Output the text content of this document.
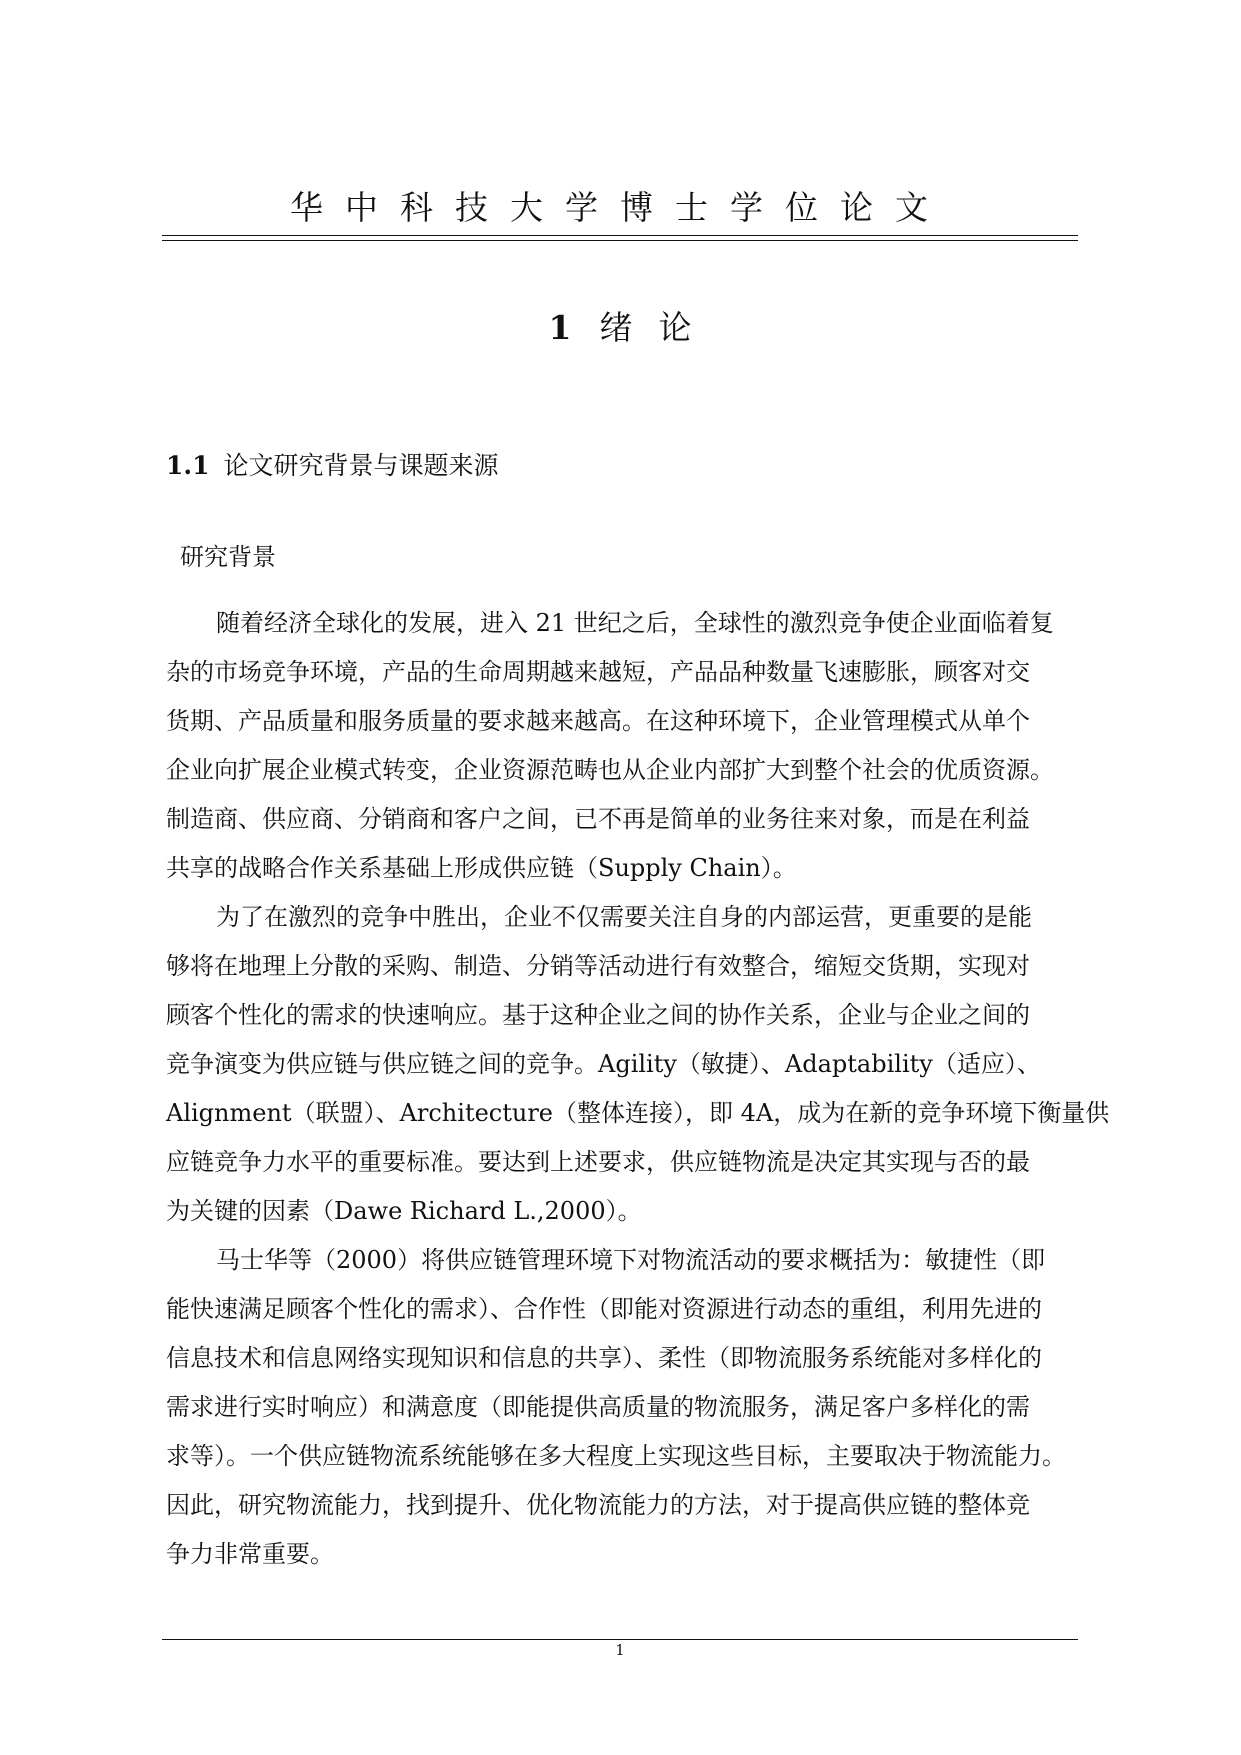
华中科技大学博士学位论文
1 绪 论
1.1 论文研究背景与课题来源
研究背景
随着经济全球化的发展，进入 21 世纪之后，全球性的激烈竞争使企业面临着复
杂的市场竞争环境，产品的生命周期越来越短，产品品种数量飞速膨胀，顾客对交
货期、产品质量和服务质量的要求越来越高。在这种环境下，企业管理模式从单个
企业向扩展企业模式转变，企业资源范畴也从企业内部扩大到整个社会的优质资源。
制造商、供应商、分销商和客户之间，已不再是简单的业务往来对象，而是在利益
共享的战略合作关系基础上形成供应链（Supply Chain）。
为了在激烈的竞争中胜出，企业不仅需要关注自身的内部运营，更重要的是能
够将在地理上分散的采购、制造、分销等活动进行有效整合，缩短交货期，实现对
顾客个性化的需求的快速响应。基于这种企业之间的协作关系，企业与企业之间的
竞争演变为供应链与供应链之间的竞争。Agility（敏捷）、Adaptability（适应）、
Alignment（联盟）、Architecture（整体连接），即 4A，成为在新的竞争环境下衡量供
应链竞争力水平的重要标准。要达到上述要求，供应链物流是决定其实现与否的最
为关键的因素（Dawe Richard L.,2000）。
马士华等（2000）将供应链管理环境下对物流活动的要求概括为：敏捷性（即
能快速满足顾客个性化的需求）、合作性（即能对资源进行动态的重组，利用先进的
信息技术和信息网络实现知识和信息的共享）、柔性（即物流服务系统能对多样化的
需求进行实时响应）和满意度（即能提供高质量的物流服务，满足客户多样化的需
求等）。一个供应链物流系统能够在多大程度上实现这些目标，主要取决于物流能力。
因此，研究物流能力，找到提升、优化物流能力的方法，对于提高供应链的整体竞
争力非常重要。
1
